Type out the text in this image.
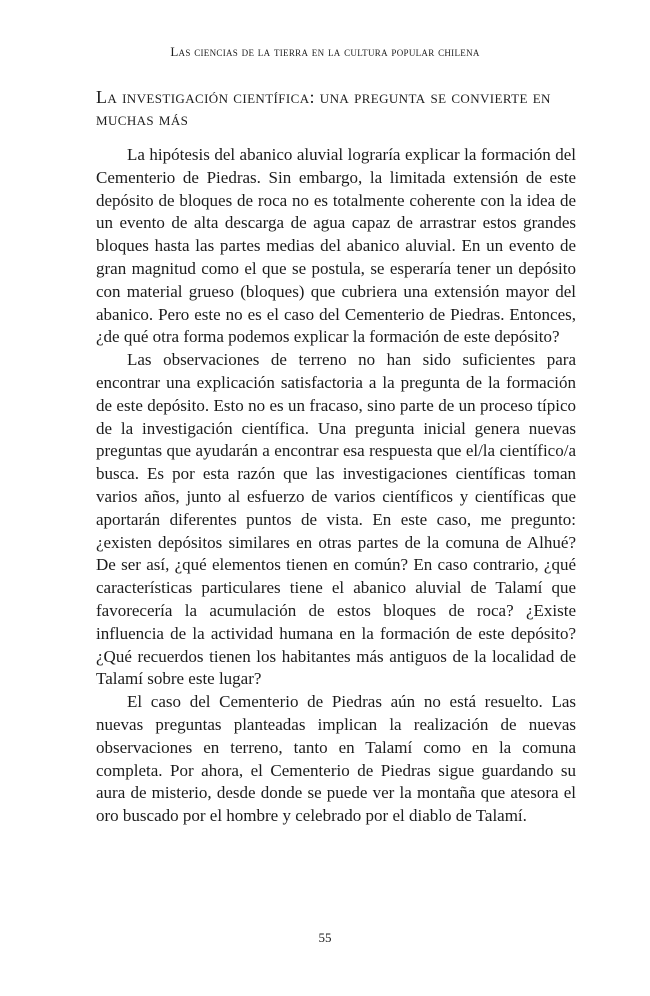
Las ciencias de la tierra en la cultura popular chilena
La investigación científica: una pregunta se convierte en muchas más

La hipótesis del abanico aluvial lograría explicar la formación del Cementerio de Piedras. Sin embargo, la limitada extensión de este depósito de bloques de roca no es totalmente coherente con la idea de un evento de alta descarga de agua capaz de arrastrar estos grandes bloques hasta las partes medias del abanico aluvial. En un evento de gran magnitud como el que se postula, se esperaría tener un depósito con material grueso (bloques) que cubriera una extensión mayor del abanico. Pero este no es el caso del Cementerio de Piedras. Entonces, ¿de qué otra forma podemos explicar la formación de este depósito?

Las observaciones de terreno no han sido suficientes para encontrar una explicación satisfactoria a la pregunta de la formación de este depósito. Esto no es un fracaso, sino parte de un proceso típico de la investigación científica. Una pregunta inicial genera nuevas preguntas que ayudarán a encontrar esa respuesta que el/la científico/a busca. Es por esta razón que las investigaciones científicas toman varios años, junto al esfuerzo de varios científicos y científicas que aportarán diferentes puntos de vista. En este caso, me pregunto: ¿existen depósitos similares en otras partes de la comuna de Alhué? De ser así, ¿qué elementos tienen en común? En caso contrario, ¿qué características particulares tiene el abanico aluvial de Talamí que favorecería la acumulación de estos bloques de roca? ¿Existe influencia de la actividad humana en la formación de este depósito? ¿Qué recuerdos tienen los habitantes más antiguos de la localidad de Talamí sobre este lugar?

El caso del Cementerio de Piedras aún no está resuelto. Las nuevas preguntas planteadas implican la realización de nuevas observaciones en terreno, tanto en Talamí como en la comuna completa. Por ahora, el Cementerio de Piedras sigue guardando su aura de misterio, desde donde se puede ver la montaña que atesora el oro buscado por el hombre y celebrado por el diablo de Talamí.

55
